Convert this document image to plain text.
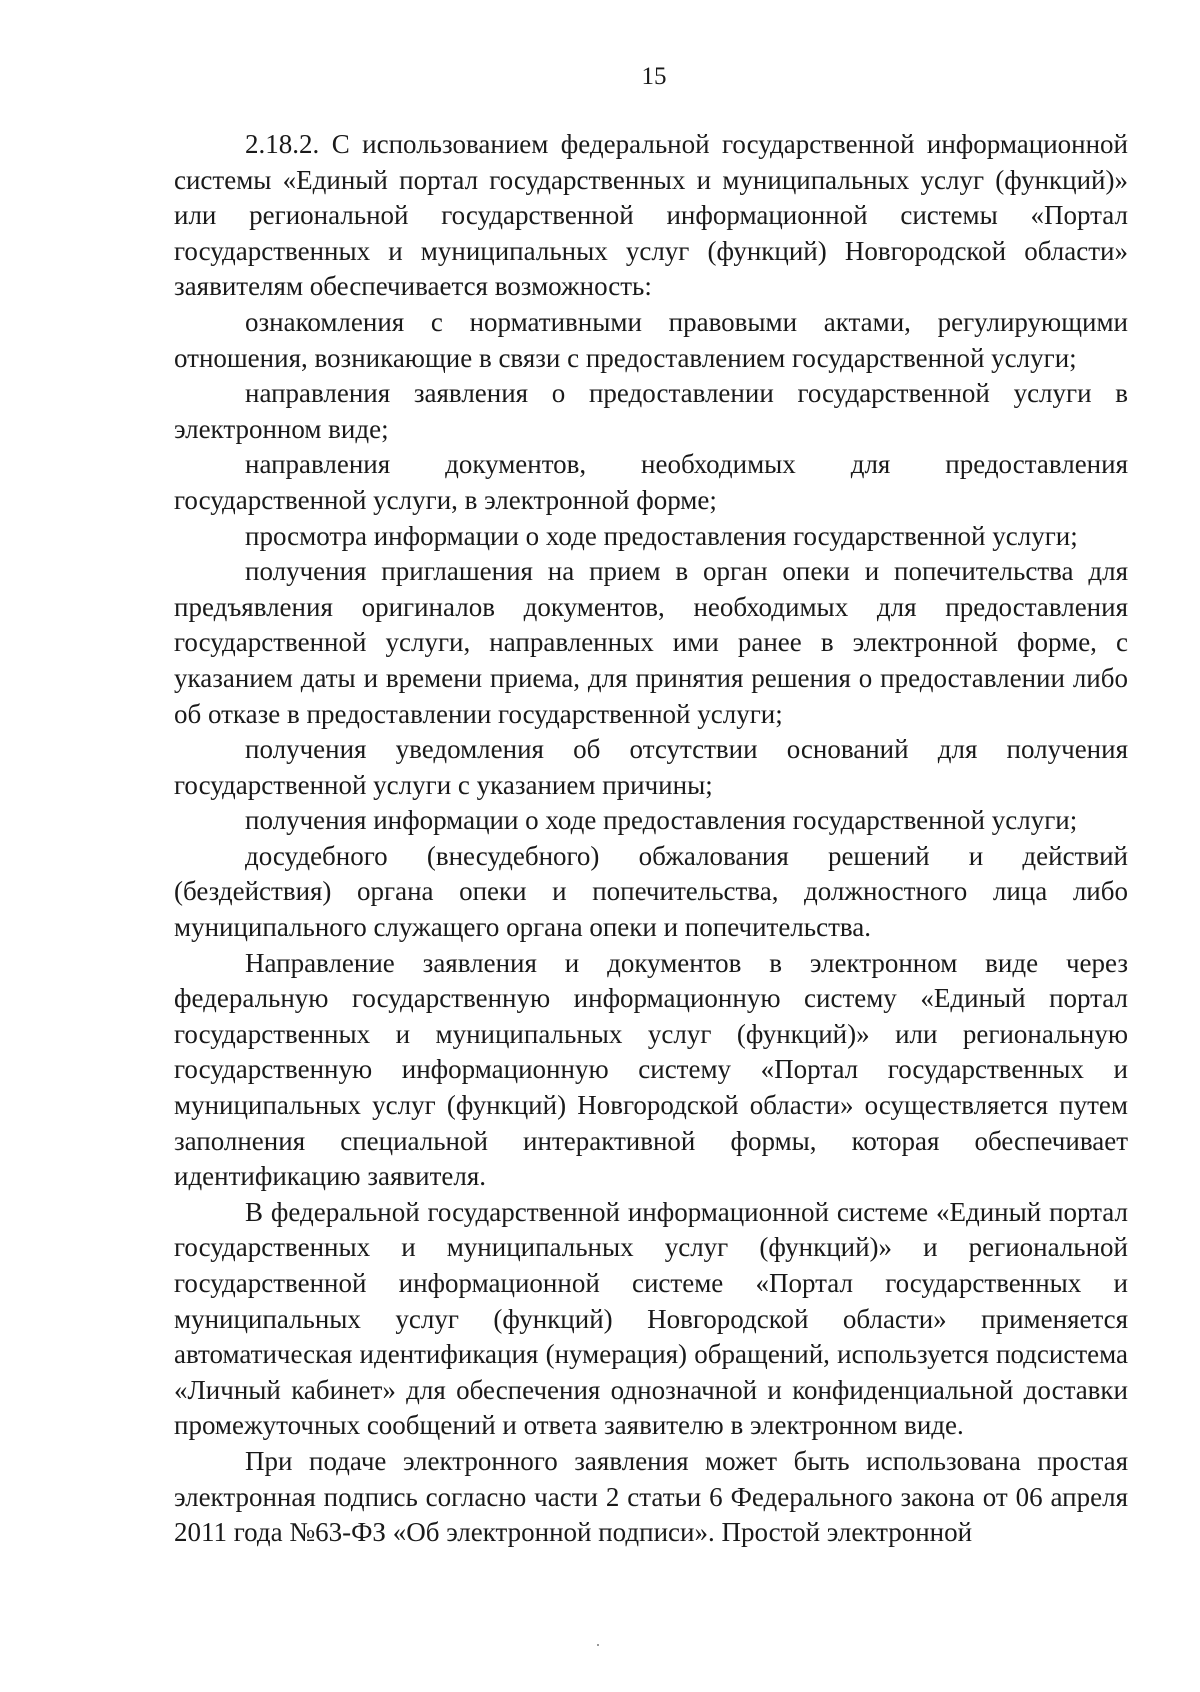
15

2.18.2. С использованием федеральной государственной информационной системы «Единый портал государственных и муниципальных услуг (функций)» или региональной государственной информационной системы «Портал государственных и муниципальных услуг (функций) Новгородской области» заявителям обеспечивается возможность:

ознакомления с нормативными правовыми актами, регулирующими отношения, возникающие в связи с предоставлением государственной услуги;

направления заявления о предоставлении государственной услуги в электронном виде;

направления документов, необходимых для предоставления государственной услуги, в электронной форме;

просмотра информации о ходе предоставления государственной услуги;

получения приглашения на прием в орган опеки и попечительства для предъявления оригиналов документов, необходимых для предоставления государственной услуги, направленных ими ранее в электронной форме, с указанием даты и времени приема, для принятия решения о предоставлении либо об отказе в предоставлении государственной услуги;

получения уведомления об отсутствии оснований для получения государственной услуги с указанием причины;

получения информации о ходе предоставления государственной услуги;

досудебного (внесудебного) обжалования решений и действий (бездействия) органа опеки и попечительства, должностного лица либо муниципального служащего органа опеки и попечительства.

Направление заявления и документов в электронном виде через федеральную государственную информационную систему «Единый портал государственных и муниципальных услуг (функций)» или региональную государственную информационную систему «Портал государственных и муниципальных услуг (функций) Новгородской области» осуществляется путем заполнения специальной интерактивной формы, которая обеспечивает идентификацию заявителя.

В федеральной государственной информационной системе «Единый портал государственных и муниципальных услуг (функций)» и региональной государственной информационной системе «Портал государственных и муниципальных услуг (функций) Новгородской области» применяется автоматическая идентификация (нумерация) обращений, используется подсистема «Личный кабинет» для обеспечения однозначной и конфиденциальной доставки промежуточных сообщений и ответа заявителю в электронном виде.

При подаче электронного заявления может быть использована простая электронная подпись согласно части 2 статьи 6 Федерального закона от 06 апреля 2011 года №63-ФЗ «Об электронной подписи». Простой электронной
